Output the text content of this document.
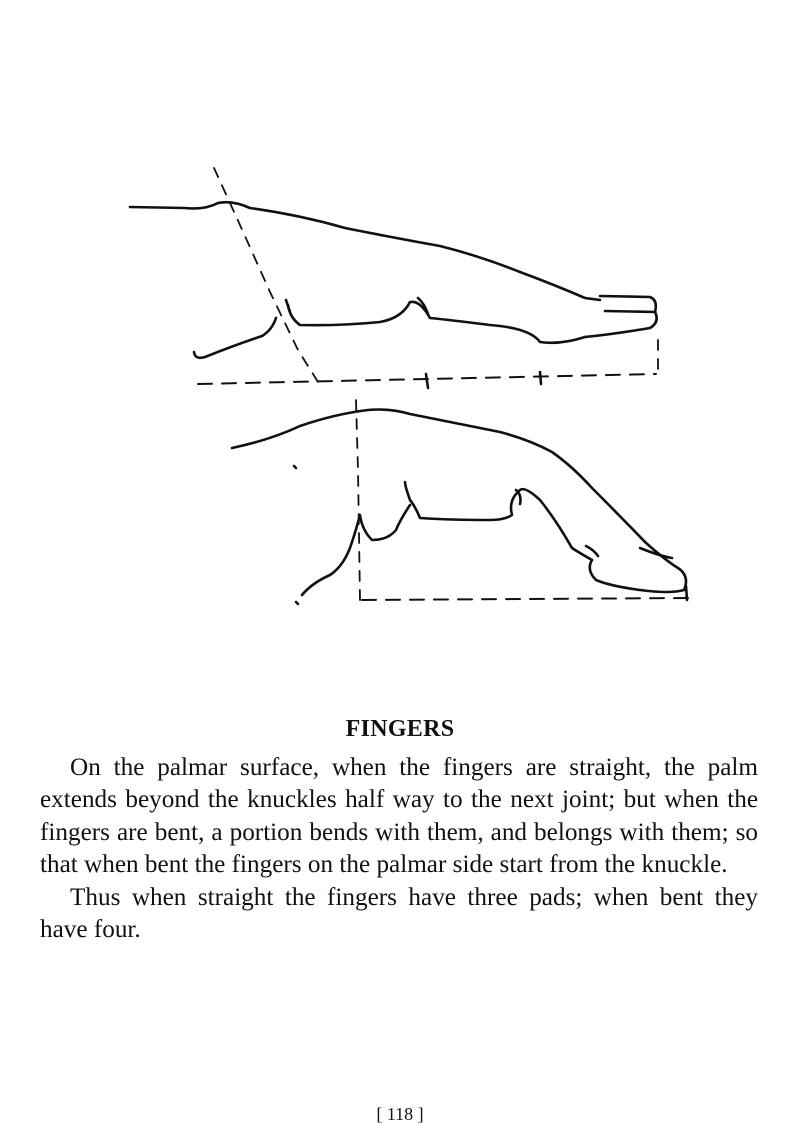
FINGERS

On the palmar surface, when the fingers are straight, the palm extends beyond the knuckles half way to the next joint; but when the fingers are bent, a portion bends with them, and belongs with them; so that when bent the fingers on the palmar side start from the knuckle.

Thus when straight the fingers have three pads; when bent they have four.

[ 118 ]
